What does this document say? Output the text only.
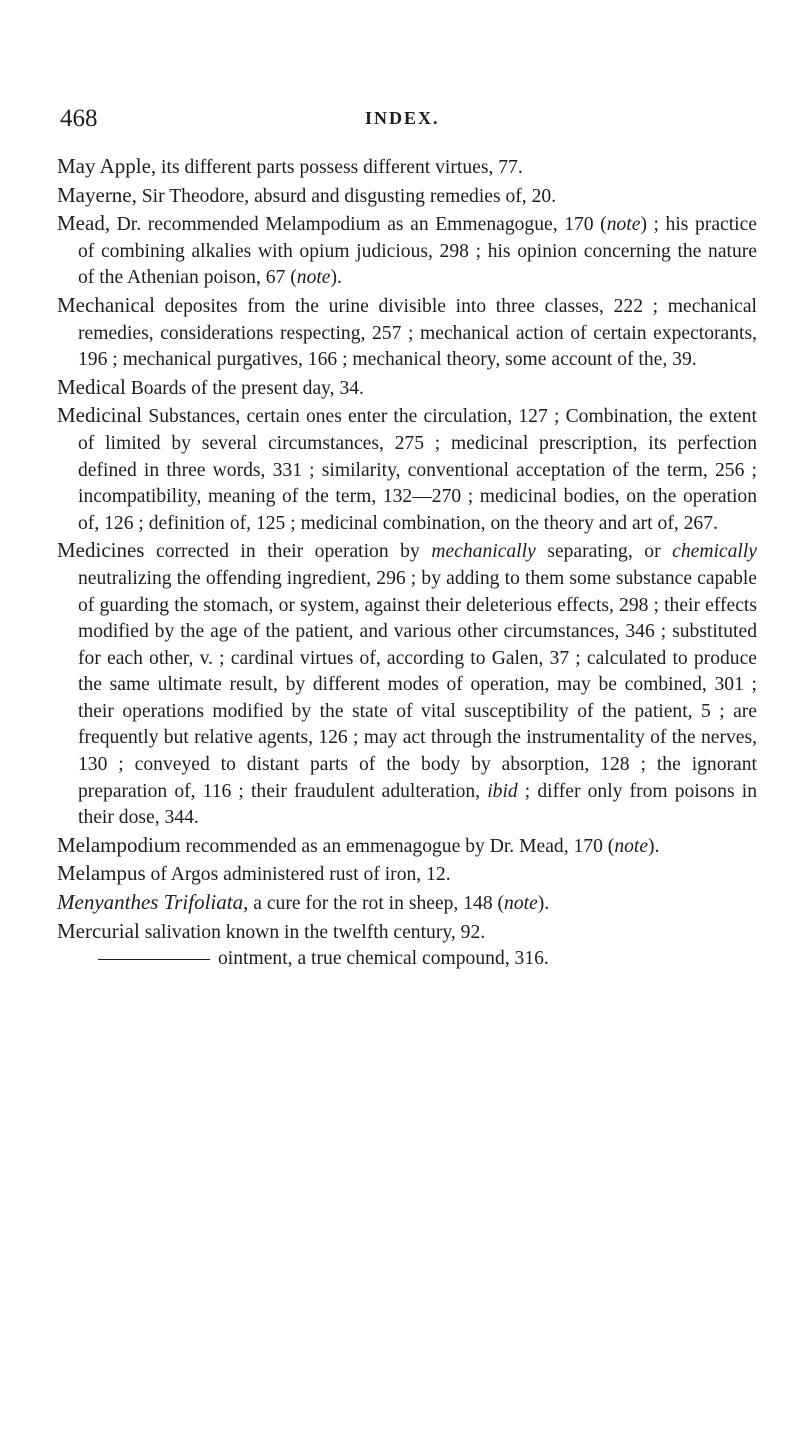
468	INDEX.

May Apple, its different parts possess different virtues, 77.

Mayerne, Sir Theodore, absurd and disgusting remedies of, 20.

Mead, Dr. recommended Melampodium as an Emmenagogue, 170 (note) ; his practice of combining alkalies with opium judicious, 298 ; his opinion concerning the nature of the Athenian poison, 67 (note).

Mechanical deposites from the urine divisible into three classes, 222 ; mechanical remedies, considerations respecting, 257 ; mechanical action of certain expectorants, 196 ; mechanical purgatives, 166 ; mechanical theory, some account of the, 39.

Medical Boards of the present day, 34.

Medicinal Substances, certain ones enter the circulation, 127 ; Combination, the extent of limited by several circumstances, 275 ; medicinal prescription, its perfection defined in three words, 331 ; similarity, conventional acceptation of the term, 256 ; incompatibility, meaning of the term, 132—270 ; medicinal bodies, on the operation of, 126 ; definition of, 125 ; medicinal combination, on the theory and art of, 267.

Medicines corrected in their operation by mechanically separating, or chemically neutralizing the offending ingredient, 296 ; by adding to them some substance capable of guarding the stomach, or system, against their deleterious effects, 298 ; their effects modified by the age of the patient, and various other circumstances, 346 ; substituted for each other, v. ; cardinal virtues of, according to Galen, 37 ; calculated to produce the same ultimate result, by different modes of operation, may be combined, 301 ; their operations modified by the state of vital susceptibility of the patient, 5 ; are frequently but relative agents, 126 ; may act through the instrumentality of the nerves, 130 ; conveyed to distant parts of the body by absorption, 128 ; the ignorant preparation of, 116 ; their fraudulent adulteration, ibid ; differ only from poisons in their dose, 344.

Melampodium recommended as an emmenagogue by Dr. Mead, 170 (note).

Melampus of Argos administered rust of iron, 12.

Menyanthes Trifoliata, a cure for the rot in sheep, 148 (note).

Mercurial salivation known in the twelfth century, 92.

ointment, a true chemical compound, 316.
